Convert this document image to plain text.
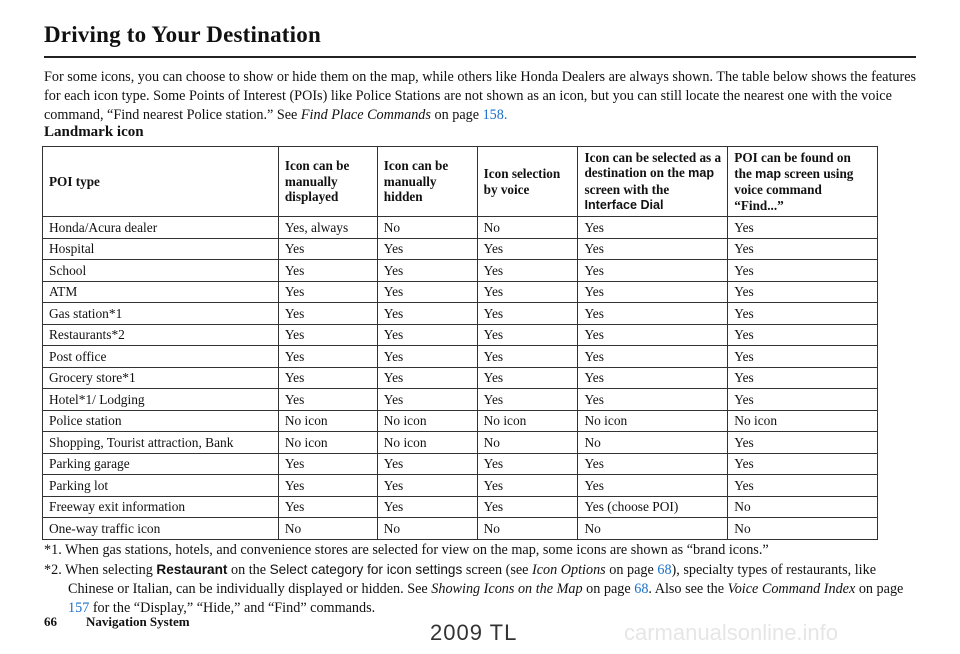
Driving to Your Destination

For some icons, you can choose to show or hide them on the map, while others like Honda Dealers are always shown. The table below shows the features for each icon type. Some Points of Interest (POIs) like Police Stations are not shown as an icon, but you can still locate the nearest one with the voice command, “Find nearest Police station.” See Find Place Commands on page 158.

Landmark icon
POI type	Icon can be manually displayed	Icon can be manually hidden	Icon selection by voice	Icon can be selected as a destination on the map screen with the Interface Dial	POI can be found on the map screen using voice command “Find...”
Honda/Acura dealer	Yes, always	No	No	Yes	Yes
Hospital	Yes	Yes	Yes	Yes	Yes
School	Yes	Yes	Yes	Yes	Yes
ATM	Yes	Yes	Yes	Yes	Yes
Gas station*1	Yes	Yes	Yes	Yes	Yes
Restaurants*2	Yes	Yes	Yes	Yes	Yes
Post office	Yes	Yes	Yes	Yes	Yes
Grocery store*1	Yes	Yes	Yes	Yes	Yes
Hotel*1/ Lodging	Yes	Yes	Yes	Yes	Yes
Police station	No icon	No icon	No icon	No icon	No icon
Shopping, Tourist attraction, Bank	No icon	No icon	No	No	Yes
Parking garage	Yes	Yes	Yes	Yes	Yes
Parking lot	Yes	Yes	Yes	Yes	Yes
Freeway exit information	Yes	Yes	Yes	Yes (choose POI)	No
One-way traffic icon	No	No	No	No	No
*1. When gas stations, hotels, and convenience stores are selected for view on the map, some icons are shown as “brand icons.”
*2. When selecting Restaurant on the Select category for icon settings screen (see Icon Options on page 68), specialty types of restaurants, like Chinese or Italian, can be individually displayed or hidden. See Showing Icons on the Map on page 68. Also see the Voice Command Index on page 157 for the “Display,” “Hide,” and “Find” commands.
66 Navigation System	2009 TL	carmanualsonline.info
